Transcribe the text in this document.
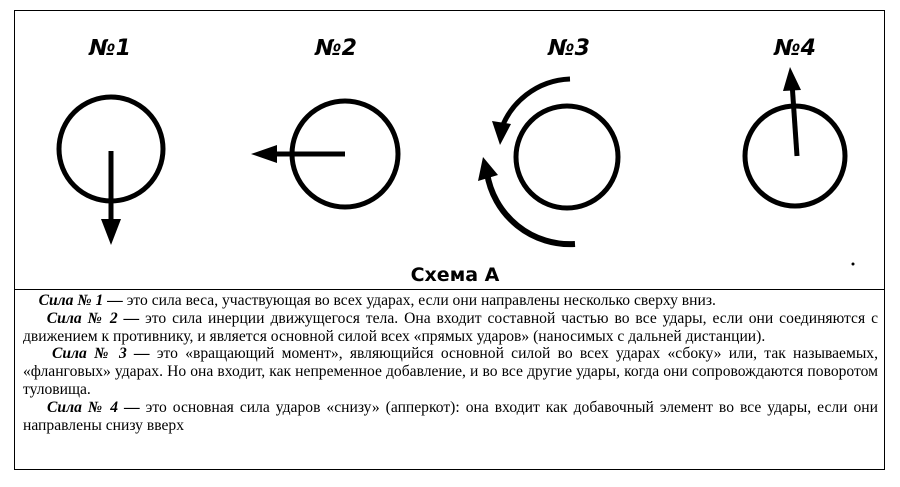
№1	№2	№3	№4
Схема А

Сила № 1 — это сила веса, участвующая во всех ударах, если они направлены несколько сверху вниз.

Сила № 2 — это сила инерции движущегося тела. Она входит составной частью во все удары, если они соединяются с движением к противнику, и является основной силой всех «прямых ударов» (наносимых с дальней дистанции).

Сила № 3 — это «вращающий момент», являющийся основной силой во всех ударах «сбоку» или, так называемых, «фланговых» ударах. Но она входит, как непременное добавление, и во все другие удары, когда они сопровождаются поворотом туловища.

Сила № 4 — это основная сила ударов «снизу» (апперкот): она входит как добавочный элемент во все удары, если они направлены снизу вверх
